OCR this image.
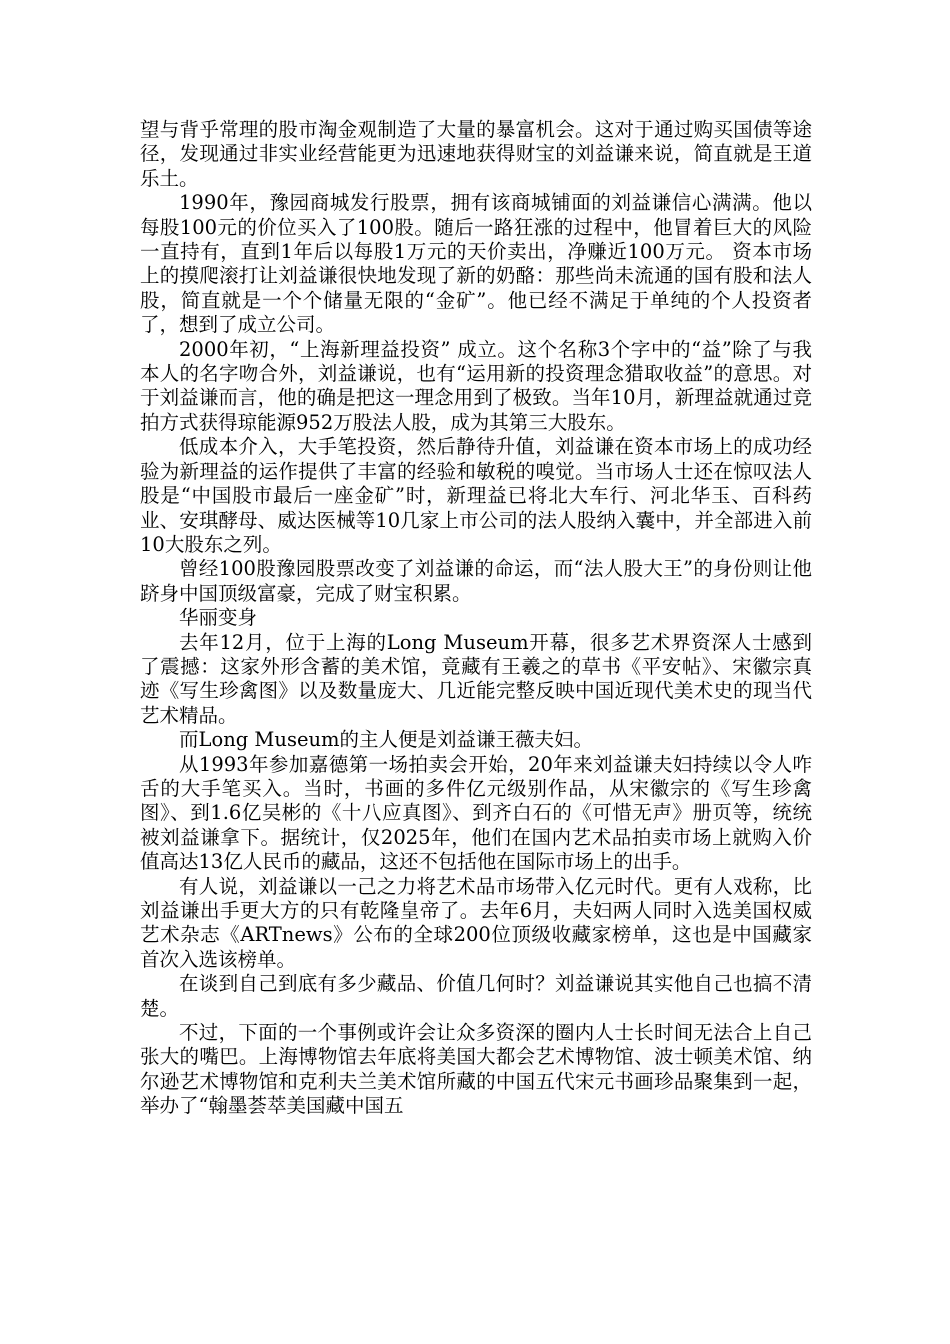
望与背乎常理的股市淘金观制造了大量的暴富机会。这对于通过购买国债等途径，发现通过非实业经营能更为迅速地获得财宝的刘益谦来说，简直就是王道乐土。

1990年，豫园商城发行股票，拥有该商城铺面的刘益谦信心满满。他以每股100元的价位买入了100股。随后一路狂涨的过程中，他冒着巨大的风险一直持有，直到1年后以每股1万元的天价卖出，净赚近100万元。 资本市场上的摸爬滚打让刘益谦很快地发现了新的奶酪：那些尚未流通的国有股和法人股，简直就是一个个储量无限的“金矿”。他已经不满足于单纯的个人投资者了，想到了成立公司。

2000年初，“上海新理益投资” 成立。这个名称3个字中的“益”除了与我本人的名字吻合外，刘益谦说，也有“运用新的投资理念猎取收益”的意思。对于刘益谦而言，他的确是把这一理念用到了极致。当年10月，新理益就通过竞拍方式获得琼能源952万股法人股，成为其第三大股东。

低成本介入，大手笔投资，然后静待升值，刘益谦在资本市场上的成功经验为新理益的运作提供了丰富的经验和敏税的嗅觉。当市场人士还在惊叹法人股是“中国股市最后一座金矿”时，新理益已将北大车行、河北华玉、百科药业、安琪酵母、威达医械等10几家上市公司的法人股纳入囊中，并全部进入前10大股东之列。

曾经100股豫园股票改变了刘益谦的命运，而“法人股大王”的身份则让他跻身中国顶级富豪，完成了财宝积累。

华丽变身

去年12月，位于上海的Long Museum开幕，很多艺术界资深人士感到了震撼：这家外形含蓄的美术馆，竟藏有王羲之的草书《平安帖》、宋徽宗真迹《写生珍禽图》以及数量庞大、几近能完整反映中国近现代美术史的现当代艺术精品。

而Long Museum的主人便是刘益谦王薇夫妇。

从1993年参加嘉德第一场拍卖会开始，20年来刘益谦夫妇持续以令人咋舌的大手笔买入。当时，书画的多件亿元级别作品，从宋徽宗的《写生珍禽图》、到1.6亿吴彬的《十八应真图》、到齐白石的《可惜无声》册页等，统统被刘益谦拿下。据统计，仅2025年，他们在国内艺术品拍卖市场上就购入价值高达13亿人民币的藏品，这还不包括他在国际市场上的出手。

有人说，刘益谦以一己之力将艺术品市场带入亿元时代。更有人戏称，比刘益谦出手更大方的只有乾隆皇帝了。去年6月，夫妇两人同时入选美国权威艺术杂志《ARTnews》公布的全球200位顶级收藏家榜单，这也是中国藏家首次入选该榜单。

在谈到自己到底有多少藏品、价值几何时？刘益谦说其实他自己也搞不清楚。

不过，下面的一个事例或许会让众多资深的圈内人士长时间无法合上自己张大的嘴巴。上海博物馆去年底将美国大都会艺术博物馆、波士顿美术馆、纳尔逊艺术博物馆和克利夫兰美术馆所藏的中国五代宋元书画珍品聚集到一起，举办了“翰墨荟萃美国藏中国五
